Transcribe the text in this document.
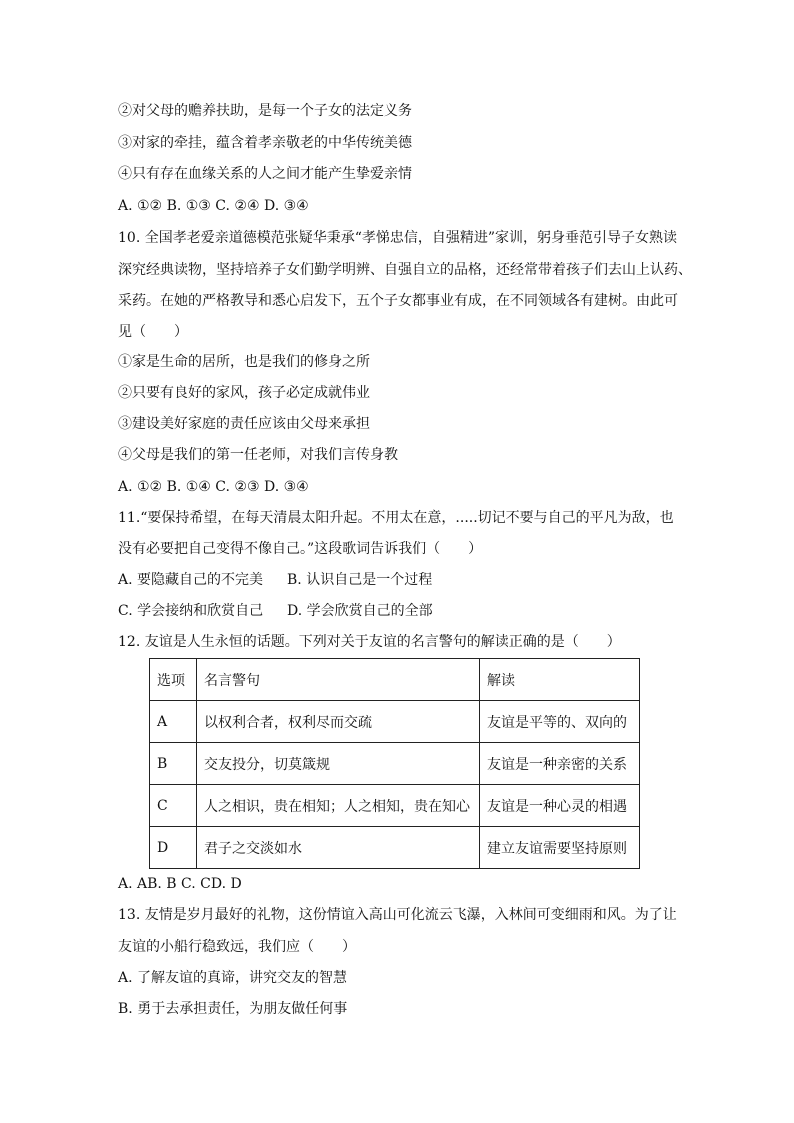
②对父母的赡养扶助，是每一个子女的法定义务
③对家的牵挂，蕴含着孝亲敬老的中华传统美德
④只有存在血缘关系的人之间才能产生挚爱亲情
A. ①② B. ①③ C. ②④ D. ③④
10. 全国孝老爱亲道德模范张疑华秉承“孝悌忠信，自强精进”家训，躬身垂范引导子女熟读
深究经典读物，坚持培养子女们勤学明辨、自强自立的品格，还经常带着孩子们去山上认药、
采药。在她的严格教导和悉心启发下，五个子女都事业有成，在不同领域各有建树。由此可
见（　　）
①家是生命的居所，也是我们的修身之所
②只要有良好的家风，孩子必定成就伟业
③建设美好家庭的责任应该由父母来承担
④父母是我们的第一任老师，对我们言传身教
A. ①② B. ①④ C. ②③ D. ③④
11.“要保持希望，在每天清晨太阳升起。不用太在意，.....切记不要与自己的平凡为敌，也
没有必要把自己变得不像自己。”这段歌词告诉我们（　　）
A. 要隐藏自己的不完美 B. 认识自己是一个过程
C. 学会接纳和欣赏自己 D. 学会欣赏自己的全部
12. 友谊是人生永恒的话题。下列对关于友谊的名言警句的解读正确的是（　　）
选项	名言警句	解读
A	以权利合者，权利尽而交疏	友谊是平等的、双向的
B	交友投分，切莫箴规	友谊是一种亲密的关系
C	人之相识，贵在相知；人之相知，贵在知心	友谊是一种心灵的相遇
D	君子之交淡如水	建立友谊需要坚持原则
A. AB. B C. CD. D
13. 友情是岁月最好的礼物，这份情谊入高山可化流云飞瀑，入林间可变细雨和风。为了让
友谊的小船行稳致远，我们应（　　）
A. 了解友谊的真谛，讲究交友的智慧
B. 勇于去承担责任，为朋友做任何事
